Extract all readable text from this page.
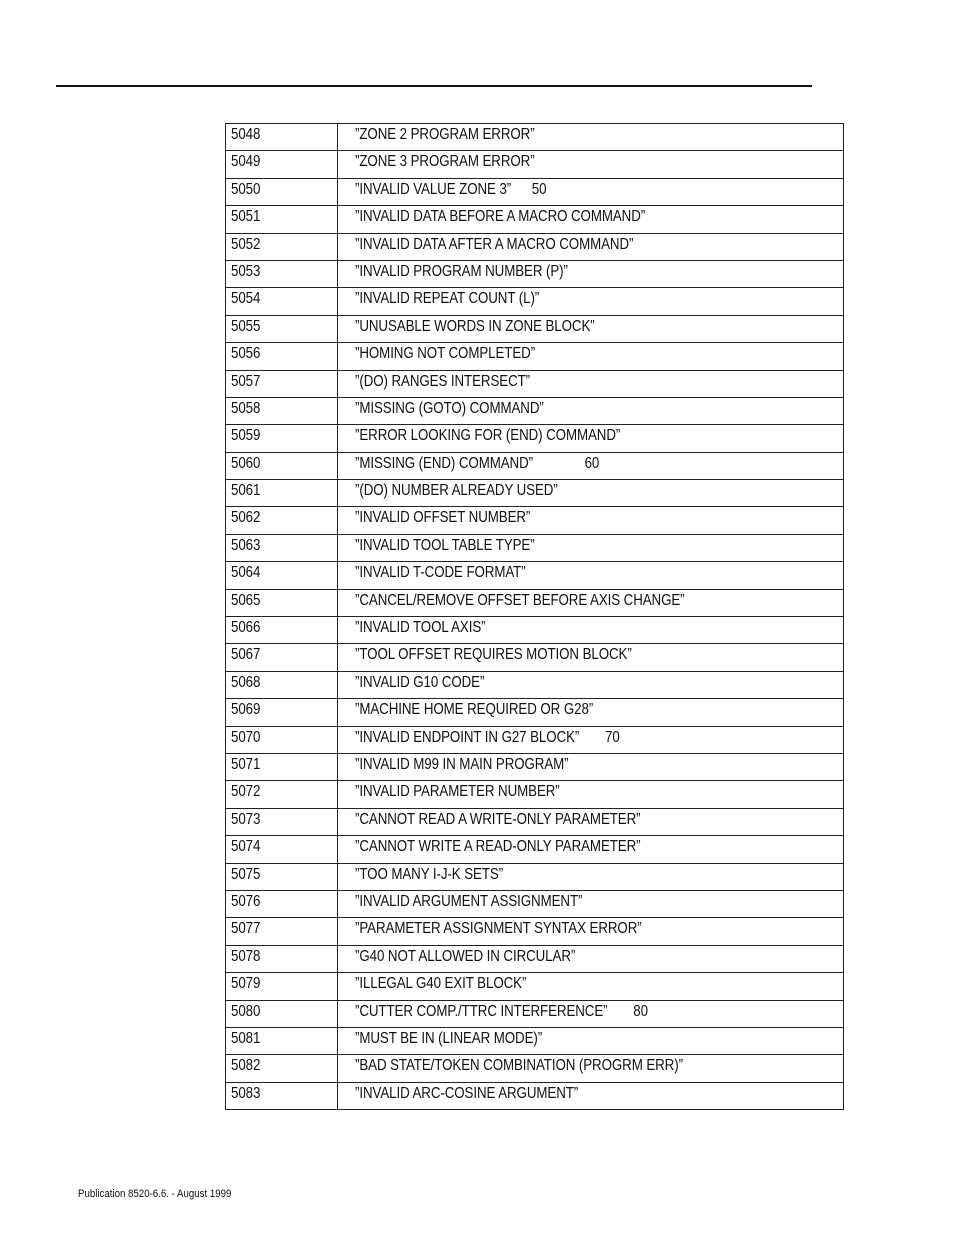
5048	”ZONE 2 PROGRAM ERROR”
5049	”ZONE 3 PROGRAM ERROR”
5050	”INVALID VALUE ZONE 3” 50
5051	”INVALID DATA BEFORE A MACRO COMMAND”
5052	”INVALID DATA AFTER A MACRO COMMAND”
5053	”INVALID PROGRAM NUMBER (P)”
5054	”INVALID REPEAT COUNT (L)”
5055	”UNUSABLE WORDS IN ZONE BLOCK”
5056	”HOMING NOT COMPLETED”
5057	”(DO) RANGES INTERSECT”
5058	”MISSING (GOTO) COMMAND”
5059	”ERROR LOOKING FOR (END) COMMAND”
5060	”MISSING (END) COMMAND” 60
5061	”(DO) NUMBER ALREADY USED”
5062	”INVALID OFFSET NUMBER”
5063	”INVALID TOOL TABLE TYPE”
5064	”INVALID T-CODE FORMAT”
5065	”CANCEL/REMOVE OFFSET BEFORE AXIS CHANGE”
5066	”INVALID TOOL AXIS”
5067	”TOOL OFFSET REQUIRES MOTION BLOCK”
5068	”INVALID G10 CODE”
5069	”MACHINE HOME REQUIRED OR G28”
5070	”INVALID ENDPOINT IN G27 BLOCK” 70
5071	”INVALID M99 IN MAIN PROGRAM”
5072	”INVALID PARAMETER NUMBER”
5073	”CANNOT READ A WRITE-ONLY PARAMETER”
5074	”CANNOT WRITE A READ-ONLY PARAMETER”
5075	”TOO MANY I-J-K SETS”
5076	”INVALID ARGUMENT ASSIGNMENT”
5077	”PARAMETER ASSIGNMENT SYNTAX ERROR”
5078	”G40 NOT ALLOWED IN CIRCULAR”
5079	”ILLEGAL G40 EXIT BLOCK”
5080	”CUTTER COMP./TTRC INTERFERENCE” 80
5081	”MUST BE IN (LINEAR MODE)”
5082	”BAD STATE/TOKEN COMBINATION (PROGRM ERR)”
5083	”INVALID ARC-COSINE ARGUMENT”
Publication 8520-6.6. - August 1999
